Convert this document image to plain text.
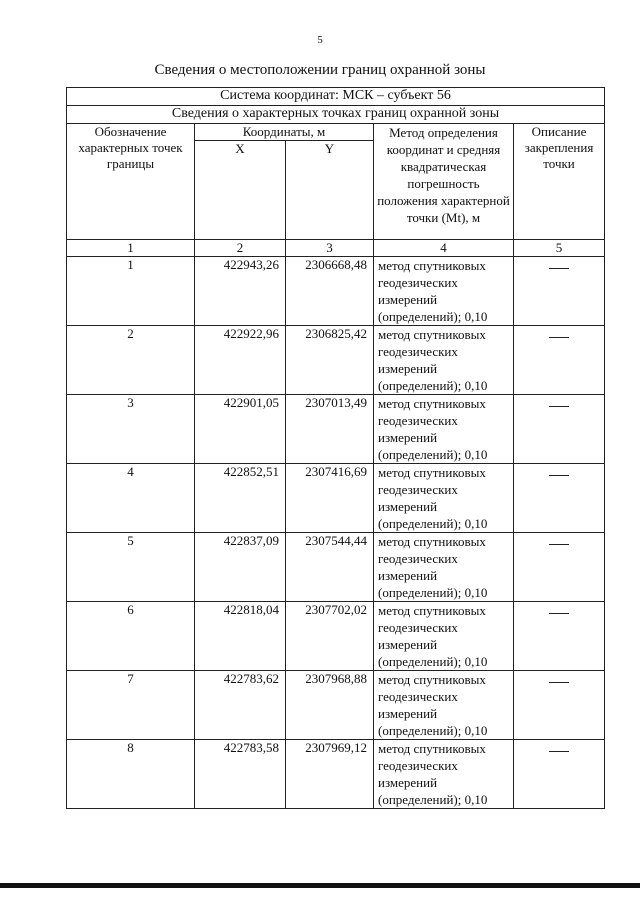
5
Сведения о местоположении границ охранной зоны
Система координат: МСК – субъект 56				
Сведения о характерных точках границ охранной зоны				
Обозначение характерных точек границы	Координаты, м		Метод определения координат и средняя квадратическая погрешность положения характерной точки (Mt), м	Описание закрепления точки
	X	Y		
1	2	3	4	5
1	422943,26	2306668,48	метод спутниковых геодезических измерений (определений); 0,10	
2	422922,96	2306825,42	метод спутниковых геодезических измерений (определений); 0,10	
3	422901,05	2307013,49	метод спутниковых геодезических измерений (определений); 0,10	
4	422852,51	2307416,69	метод спутниковых геодезических измерений (определений); 0,10	
5	422837,09	2307544,44	метод спутниковых геодезических измерений (определений); 0,10	
6	422818,04	2307702,02	метод спутниковых геодезических измерений (определений); 0,10	
7	422783,62	2307968,88	метод спутниковых геодезических измерений (определений); 0,10	
8	422783,58	2307969,12	метод спутниковых геодезических измерений (определений); 0,10	
